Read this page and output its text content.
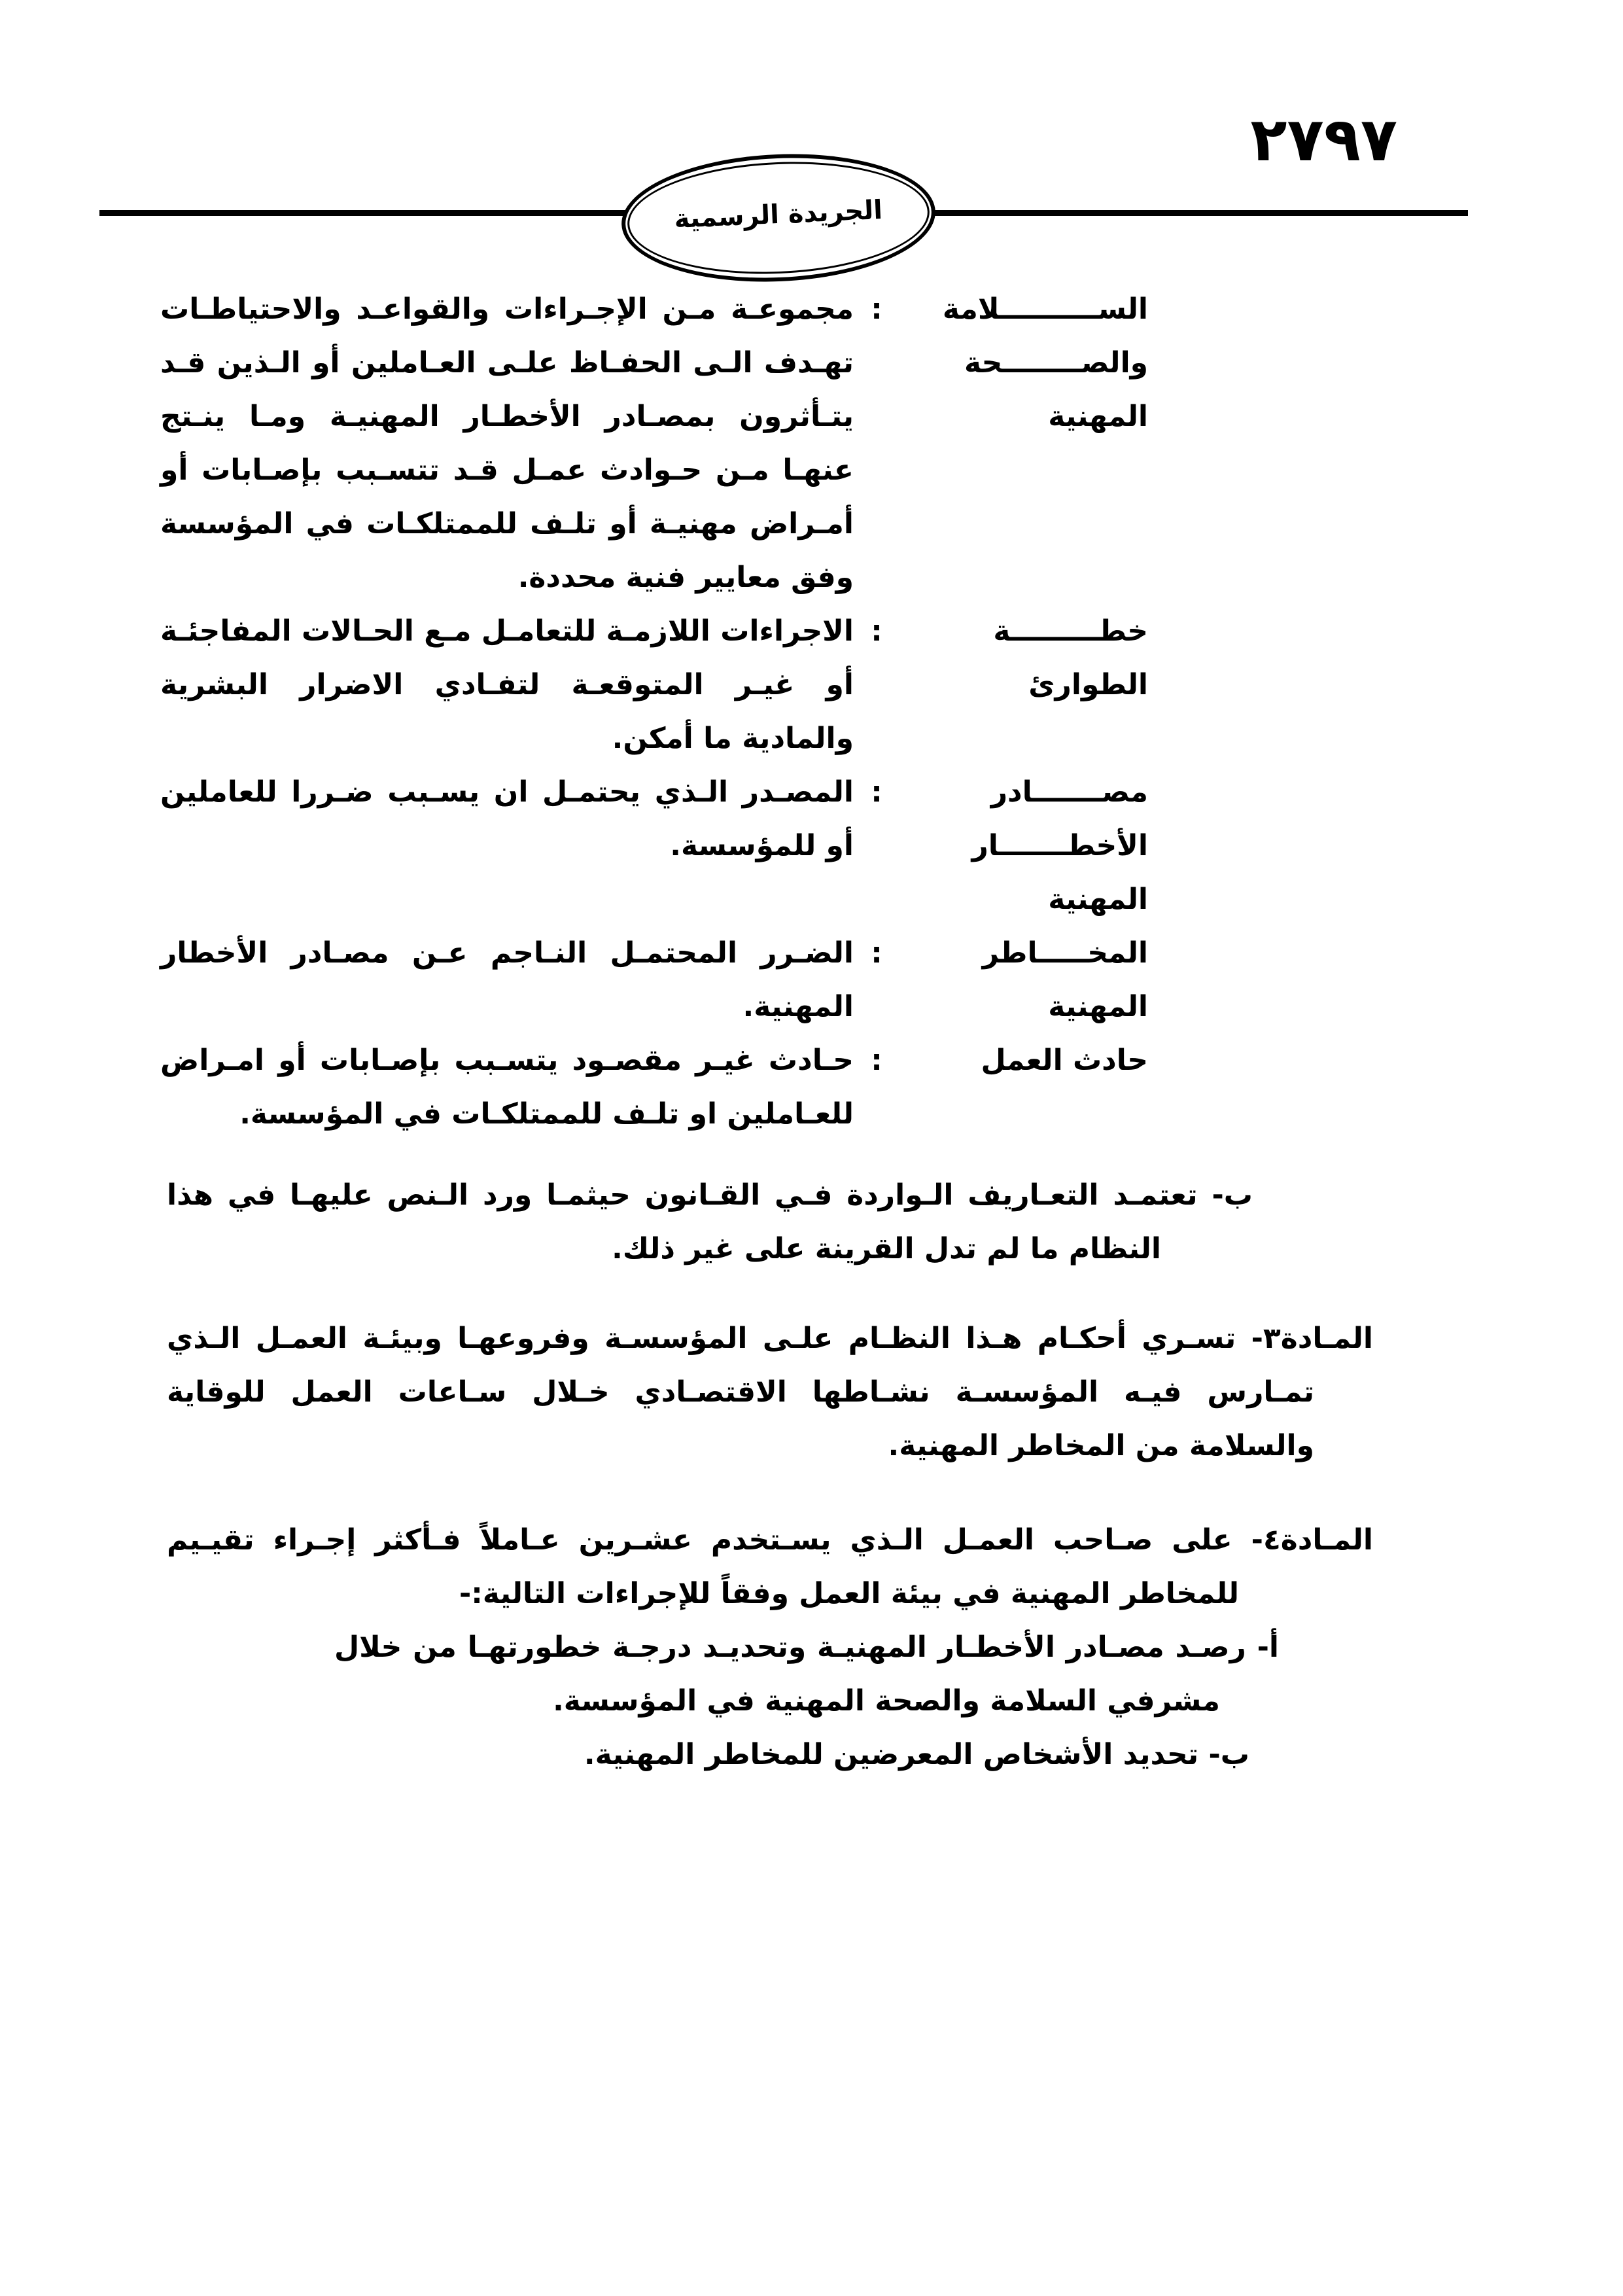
٢٧٩٧
الجريدة الرسمية
الســــــــــلامة
والصــــــــحة
المهنية
:
مجموعـة مـن الإجـراءات والقواعـد والاحتياطـات تهـدف الـى الحفـاظ علـى العـاملين أو الـذين قـد يتـأثرون بمصـادر الأخطـار المهنيـة ومـا ينـتج عنهـا مـن حـوادث عمـل قـد تتسـبب بإصـابات أو أمـراض مهنيـة أو تلـف للممتلكـات في المؤسسة وفق معايير فنية محددة.
خطـــــــــة
الطوارئ
:
الاجراءات اللازمـة للتعامـل مـع الحـالات المفاجئـة أو غيـر المتوقعـة لتفـادي الاضرار البشرية والمادية ما أمكن.
مصـــــــادر
الأخطـــــــار
المهنية
:
المصـدر الـذي يحتمـل ان يسـبب ضـررا للعاملين أو للمؤسسة.
المخـــــاطر
المهنية
:
الضـرر المحتمـل النـاجم عـن مصـادر الأخطار المهنية.
حادث العمل
:
حـادث غيـر مقصـود يتسـبب بإصـابات أو امـراض للعـاملين او تلـف للممتلكـات في المؤسسة.

ب- تعتمـد التعـاريف الـواردة فـي القـانون حيثمـا ورد الـنص عليهـا في هذا النظام ما لم تدل القرينة على غير ذلك.

المـادة٣- تسـري أحكـام هـذا النظـام علـى المؤسسـة وفروعهـا وبيئـة العمـل الـذي تمـارس فيـه المؤسسـة نشـاطها الاقتصـادي خـلال سـاعات العمل للوقاية والسلامة من المخاطر المهنية.

المـادة٤- على صـاحب العمـل الـذي يسـتخدم عشـرين عـاملاً فـأكثر إجـراء تقيـيم للمخاطر المهنية في بيئة العمل وفقاً للإجراءات التالية:-

أ- رصـد مصـادر الأخطـار المهنيـة وتحديـد درجـة خطورتهـا من خلال مشرفي السلامة والصحة المهنية في المؤسسة.

ب- تحديد الأشخاص المعرضين للمخاطر المهنية.
